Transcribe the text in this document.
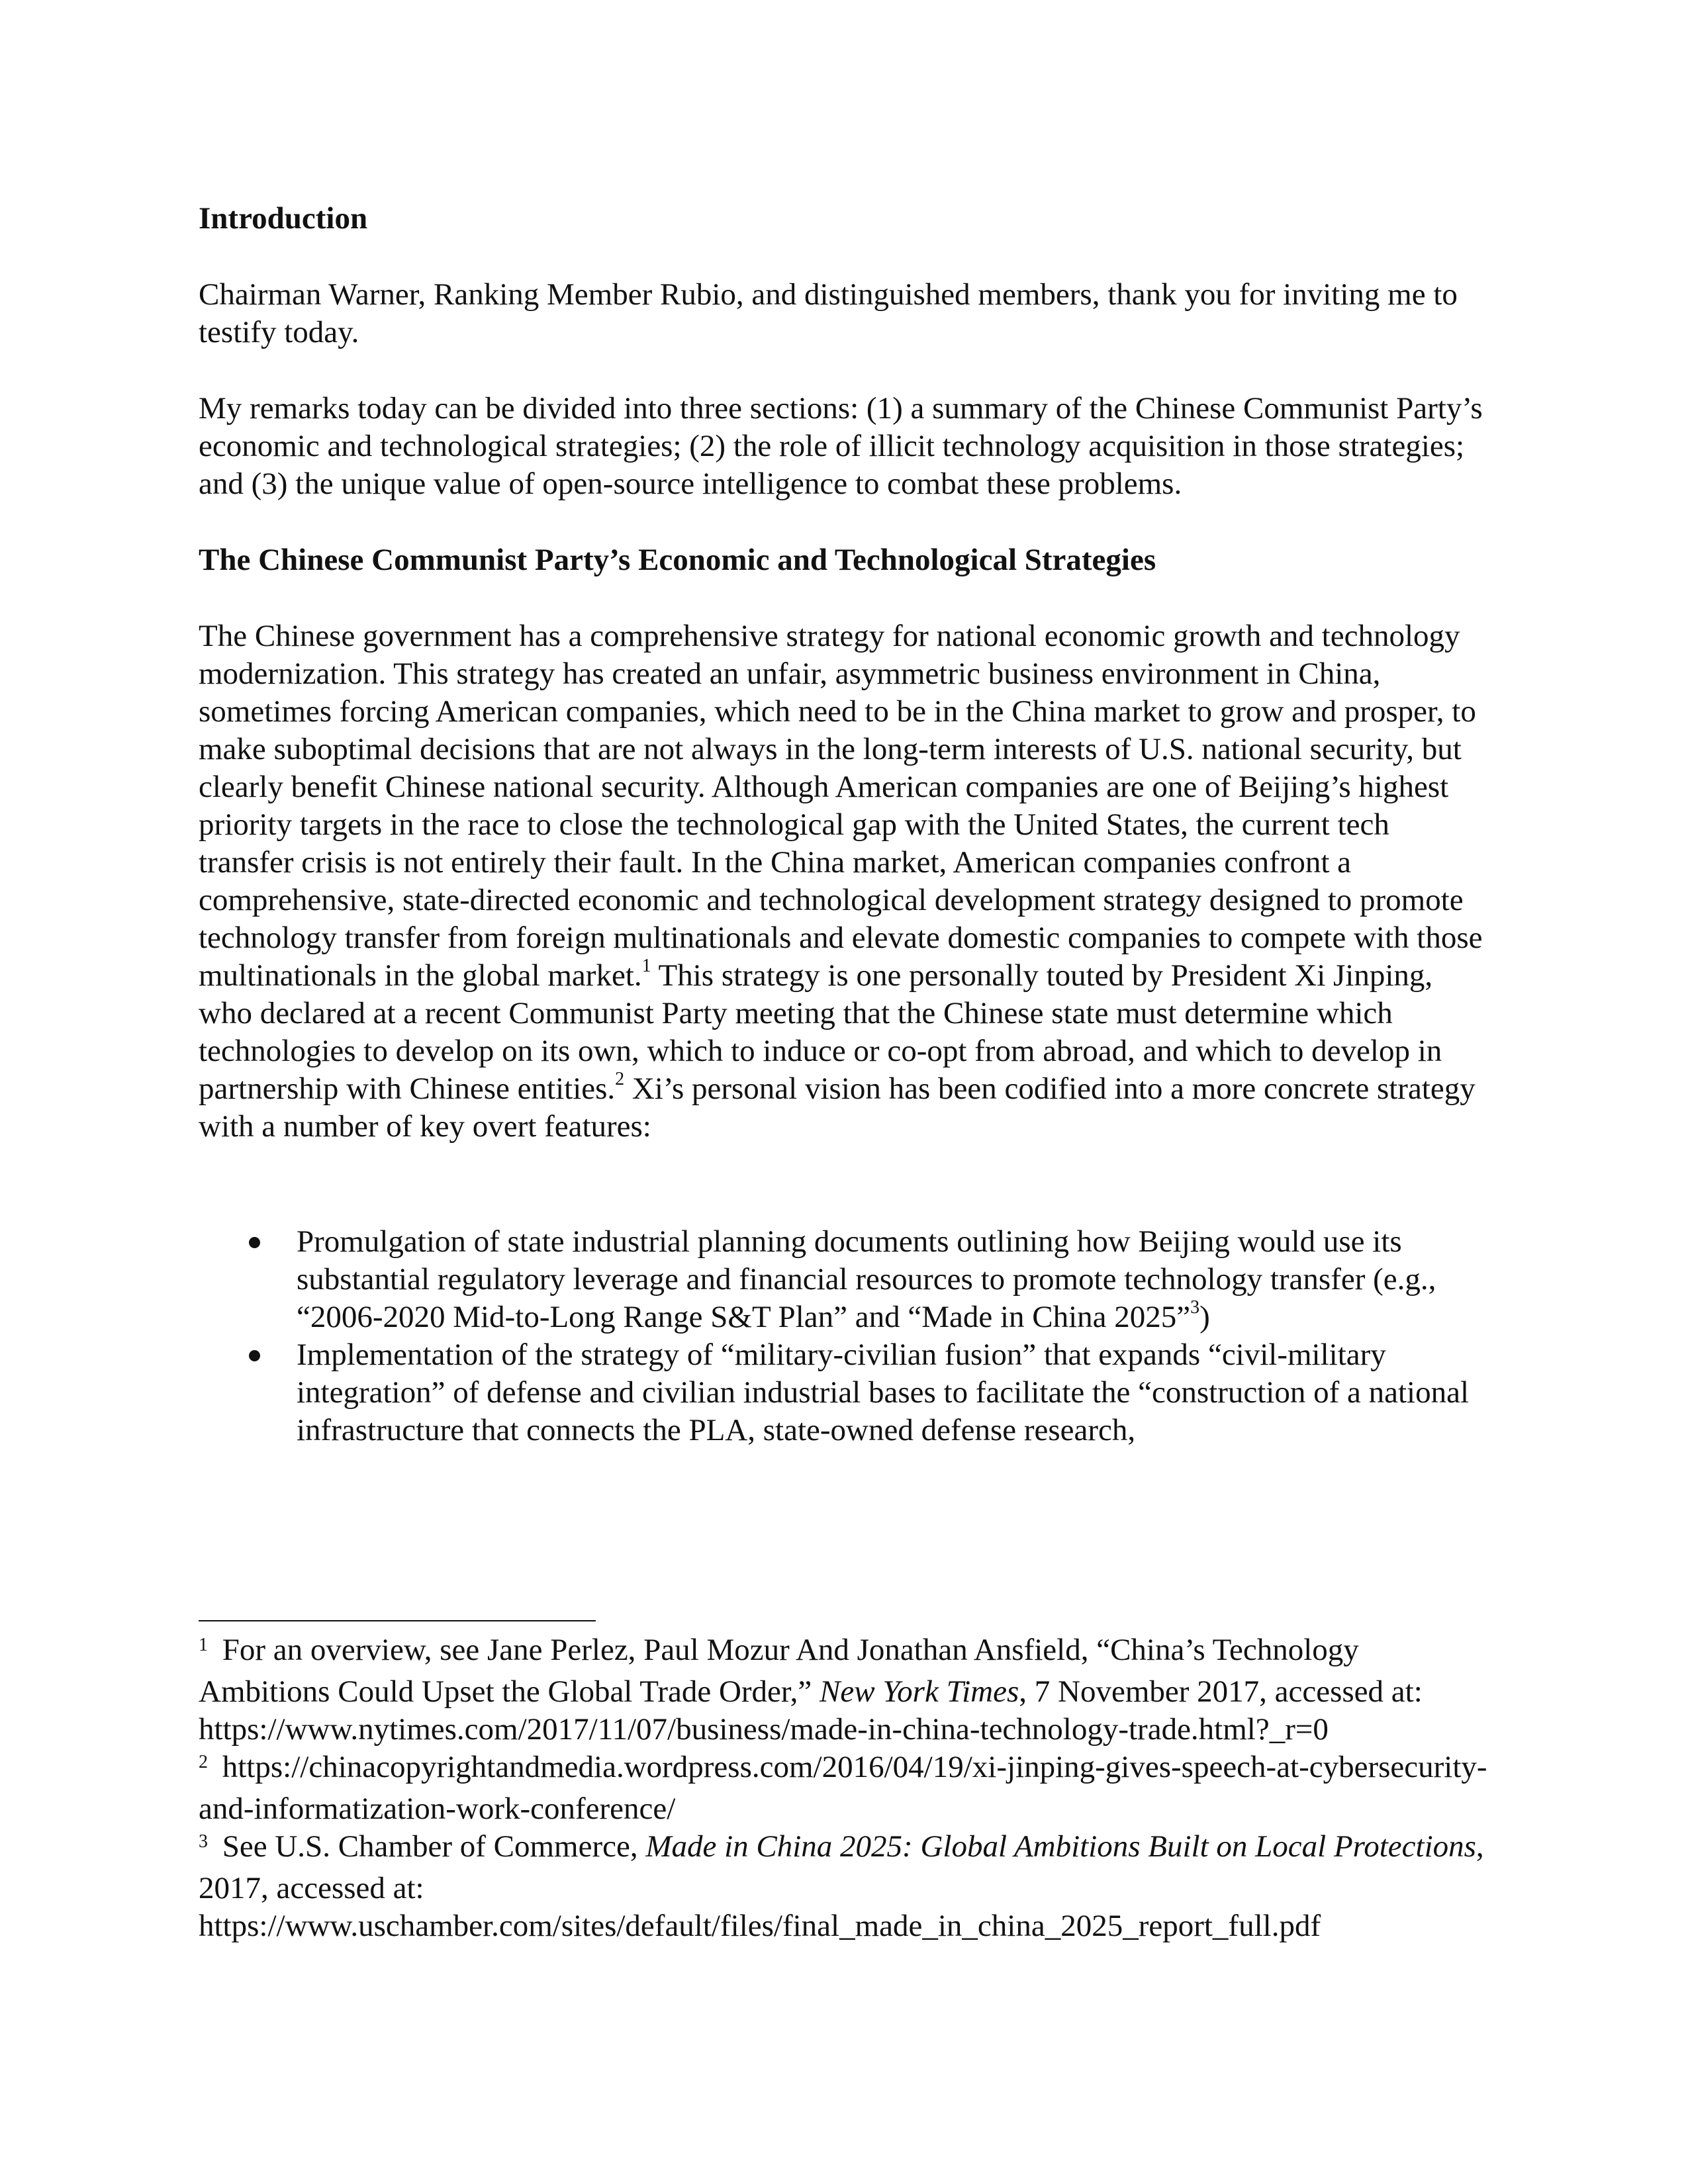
Introduction

Chairman Warner, Ranking Member Rubio, and distinguished members, thank you for inviting me to testify today.

My remarks today can be divided into three sections: (1) a summary of the Chinese Communist Party’s economic and technological strategies; (2) the role of illicit technology acquisition in those strategies; and (3) the unique value of open-source intelligence to combat these problems.

The Chinese Communist Party’s Economic and Technological Strategies

The Chinese government has a comprehensive strategy for national economic growth and technology modernization. This strategy has created an unfair, asymmetric business environment in China, sometimes forcing American companies, which need to be in the China market to grow and prosper, to make suboptimal decisions that are not always in the long-term interests of U.S. national security, but clearly benefit Chinese national security. Although American companies are one of Beijing’s highest priority targets in the race to close the technological gap with the United States, the current tech transfer crisis is not entirely their fault. In the China market, American companies confront a comprehensive, state-directed economic and technological development strategy designed to promote technology transfer from foreign multinationals and elevate domestic companies to compete with those multinationals in the global market.$^1$ This strategy is one personally touted by President Xi Jinping, who declared at a recent Communist Party meeting that the Chinese state must determine which technologies to develop on its own, which to induce or co-opt from abroad, and which to develop in partnership with Chinese entities.$^2$ Xi’s personal vision has been codified into a more concrete strategy with a number of key overt features:

Promulgation of state industrial planning documents outlining how Beijing would use its substantial regulatory leverage and financial resources to promote technology transfer (e.g., “2006-2020 Mid-to-Long Range S&T Plan” and “Made in China 2025”$^3$)
Implementation of the strategy of “military-civilian fusion” that expands “civil-military integration” of defense and civilian industrial bases to facilitate the “construction of a national infrastructure that connects the PLA, state-owned defense research,

$^1$ For an overview, see Jane Perlez, Paul Mozur And Jonathan Ansfield, “China’s Technology Ambitions Could Upset the Global Trade Order,” New York Times, 7 November 2017, accessed at:

https://www.nytimes.com/2017/11/07/business/made-in-china-technology-trade.html?_r=0

$^2$ https://chinacopyrightandmedia.wordpress.com/2016/04/19/xi-jinping-gives-speech-at-cybersecurity-and-informatization-work-conference/

$^3$ See U.S. Chamber of Commerce, Made in China 2025: Global Ambitions Built on Local Protections, 2017, accessed at:

https://www.uschamber.com/sites/default/files/final_made_in_china_2025_report_full.pdf
